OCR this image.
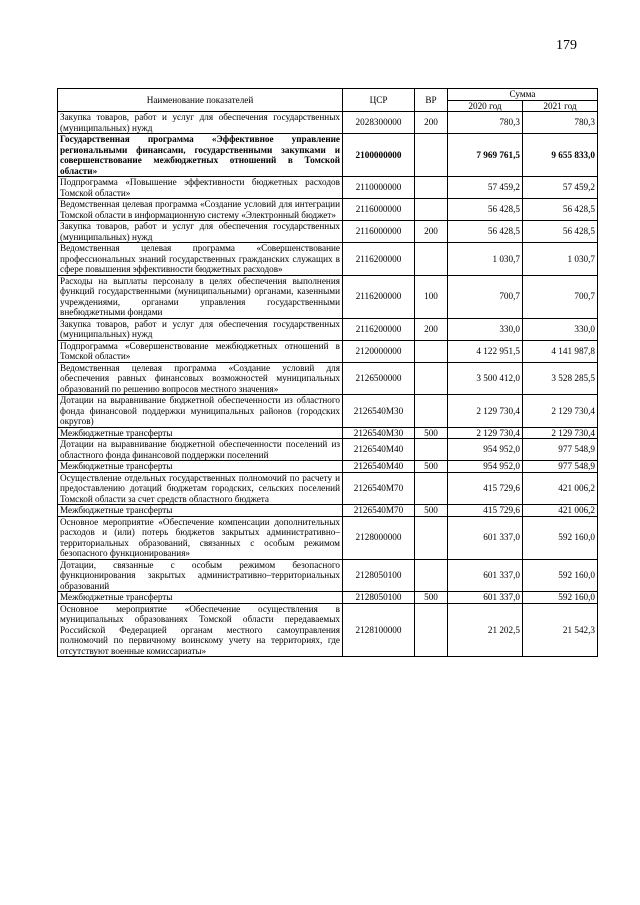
179
Наименование показателей	ЦСР	ВР	Сумма	
			2020 год	2021 год
Закупка товаров, работ и услуг для обеспечения государственных (муниципальных) нужд	2028300000	200	780,3	780,3
Государственная программа «Эффективное управление региональными финансами, государственными закупками и совершенствование межбюджетных отношений в Томской области»	2100000000		7 969 761,5	9 655 833,0
Подпрограмма «Повышение эффективности бюджетных расходов Томской области»	2110000000		57 459,2	57 459,2
Ведомственная целевая программа «Создание условий для интеграции Томской области в информационную систему «Электронный бюджет»	2116000000		56 428,5	56 428,5
Закупка товаров, работ и услуг для обеспечения государственных (муниципальных) нужд	2116000000	200	56 428,5	56 428,5
Ведомственная целевая программа «Совершенствование профессиональных знаний государственных гражданских служащих в сфере повышения эффективности бюджетных расходов»	2116200000		1 030,7	1 030,7
Расходы на выплаты персоналу в целях обеспечения выполнения функций государственными (муниципальными) органами, казенными учреждениями, органами управления государственными внебюджетными фондами	2116200000	100	700,7	700,7
Закупка товаров, работ и услуг для обеспечения государственных (муниципальных) нужд	2116200000	200	330,0	330,0
Подпрограмма «Совершенствование межбюджетных отношений в Томской области»	2120000000		4 122 951,5	4 141 987,8
Ведомственная целевая программа «Создание условий для обеспечения равных финансовых возможностей муниципальных образований по решению вопросов местного значения»	2126500000		3 500 412,0	3 528 285,5
Дотации на выравнивание бюджетной обеспеченности из областного фонда финансовой поддержки муниципальных районов (городских округов)	2126540М30		2 129 730,4	2 129 730,4
Межбюджетные трансферты	2126540М30	500	2 129 730,4	2 129 730,4
Дотации на выравнивание бюджетной обеспеченности поселений из областного фонда финансовой поддержки поселений	2126540М40		954 952,0	977 548,9
Межбюджетные трансферты	2126540М40	500	954 952,0	977 548,9
Осуществление отдельных государственных полномочий по расчету и предоставлению дотаций бюджетам городских, сельских поселений Томской области за счет средств областного бюджета	2126540М70		415 729,6	421 006,2
Межбюджетные трансферты	2126540М70	500	415 729,6	421 006,2
Основное мероприятие «Обеспечение компенсации дополнительных расходов и (или) потерь бюджетов закрытых административно–территориальных образований, связанных с особым режимом безопасного функционирования»	2128000000		601 337,0	592 160,0
Дотации, связанные с особым режимом безопасного функционирования закрытых административно–территориальных образований	2128050100		601 337,0	592 160,0
Межбюджетные трансферты	2128050100	500	601 337,0	592 160,0
Основное мероприятие «Обеспечение осуществления в муниципальных образованиях Томской области передаваемых Российской Федерацией органам местного самоуправления полномочий по первичному воинскому учету на территориях, где отсутствуют военные комиссариаты»	2128100000		21 202,5	21 542,3
